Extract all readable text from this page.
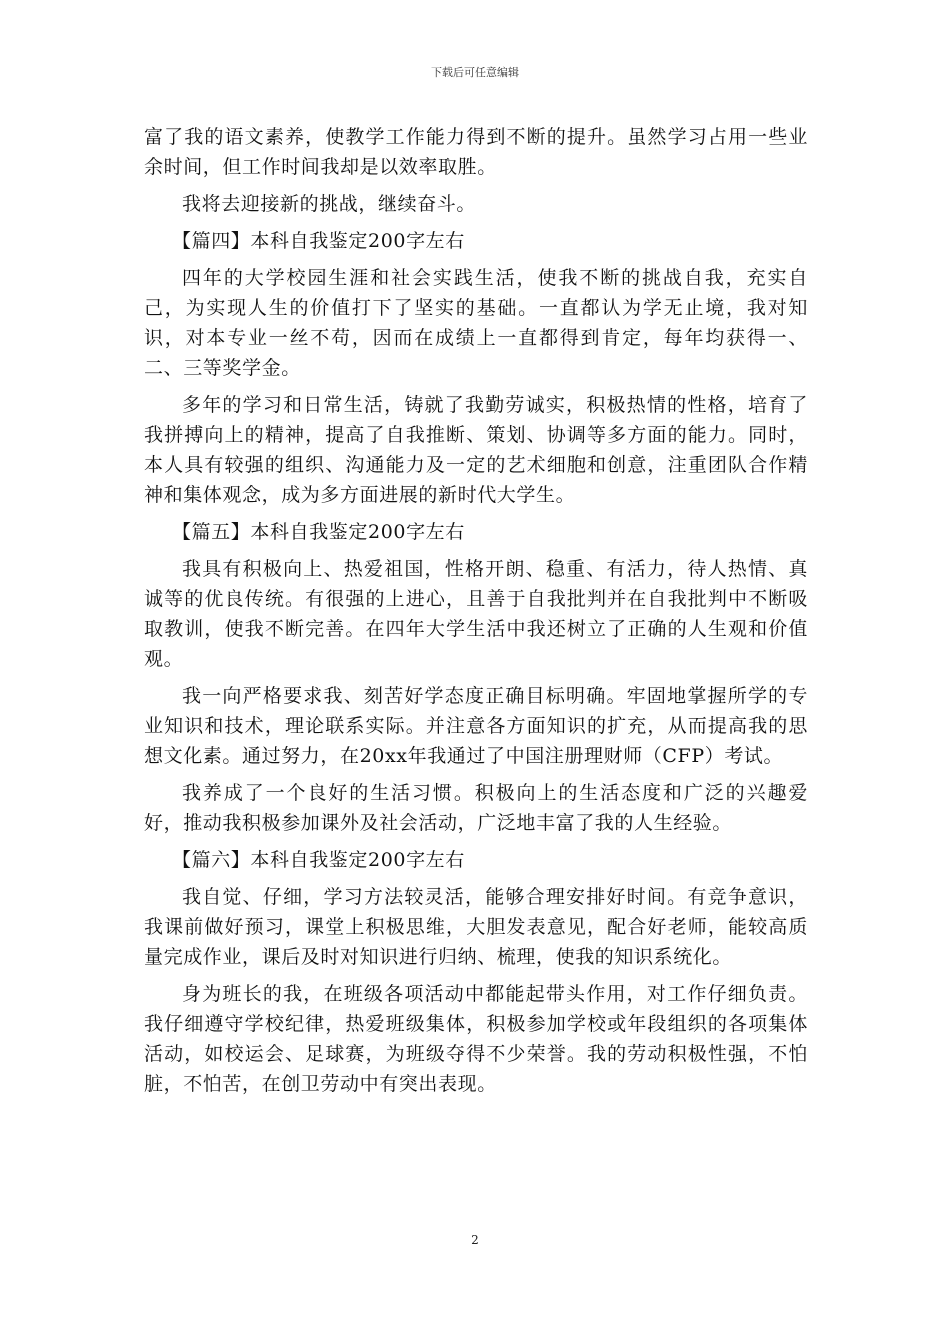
下载后可任意编辑

富了我的语文素养，使教学工作能力得到不断的提升。虽然学习占用一些业余时间，但工作时间我却是以效率取胜。

我将去迎接新的挑战，继续奋斗。

【篇四】本科自我鉴定200字左右

四年的大学校园生涯和社会实践生活，使我不断的挑战自我，充实自己，为实现人生的价值打下了坚实的基础。一直都认为学无止境，我对知识，对本专业一丝不苟，因而在成绩上一直都得到肯定，每年均获得一、二、三等奖学金。

多年的学习和日常生活，铸就了我勤劳诚实，积极热情的性格，培育了我拼搏向上的精神，提高了自我推断、策划、协调等多方面的能力。同时，本人具有较强的组织、沟通能力及一定的艺术细胞和创意，注重团队合作精神和集体观念，成为多方面进展的新时代大学生。

【篇五】本科自我鉴定200字左右

我具有积极向上、热爱祖国，性格开朗、稳重、有活力，待人热情、真诚等的优良传统。有很强的上进心，且善于自我批判并在自我批判中不断吸取教训，使我不断完善。在四年大学生活中我还树立了正确的人生观和价值观。

我一向严格要求我、刻苦好学态度正确目标明确。牢固地掌握所学的专业知识和技术，理论联系实际。并注意各方面知识的扩充，从而提高我的思想文化素。通过努力，在20xx年我通过了中国注册理财师（CFP）考试。

我养成了一个良好的生活习惯。积极向上的生活态度和广泛的兴趣爱好，推动我积极参加课外及社会活动，广泛地丰富了我的人生经验。

【篇六】本科自我鉴定200字左右

我自觉、仔细，学习方法较灵活，能够合理安排好时间。有竞争意识，我课前做好预习，课堂上积极思维，大胆发表意见，配合好老师，能较高质量完成作业，课后及时对知识进行归纳、梳理，使我的知识系统化。

身为班长的我，在班级各项活动中都能起带头作用，对工作仔细负责。我仔细遵守学校纪律，热爱班级集体，积极参加学校或年段组织的各项集体活动，如校运会、足球赛，为班级夺得不少荣誉。我的劳动积极性强，不怕脏，不怕苦，在创卫劳动中有突出表现。

2
